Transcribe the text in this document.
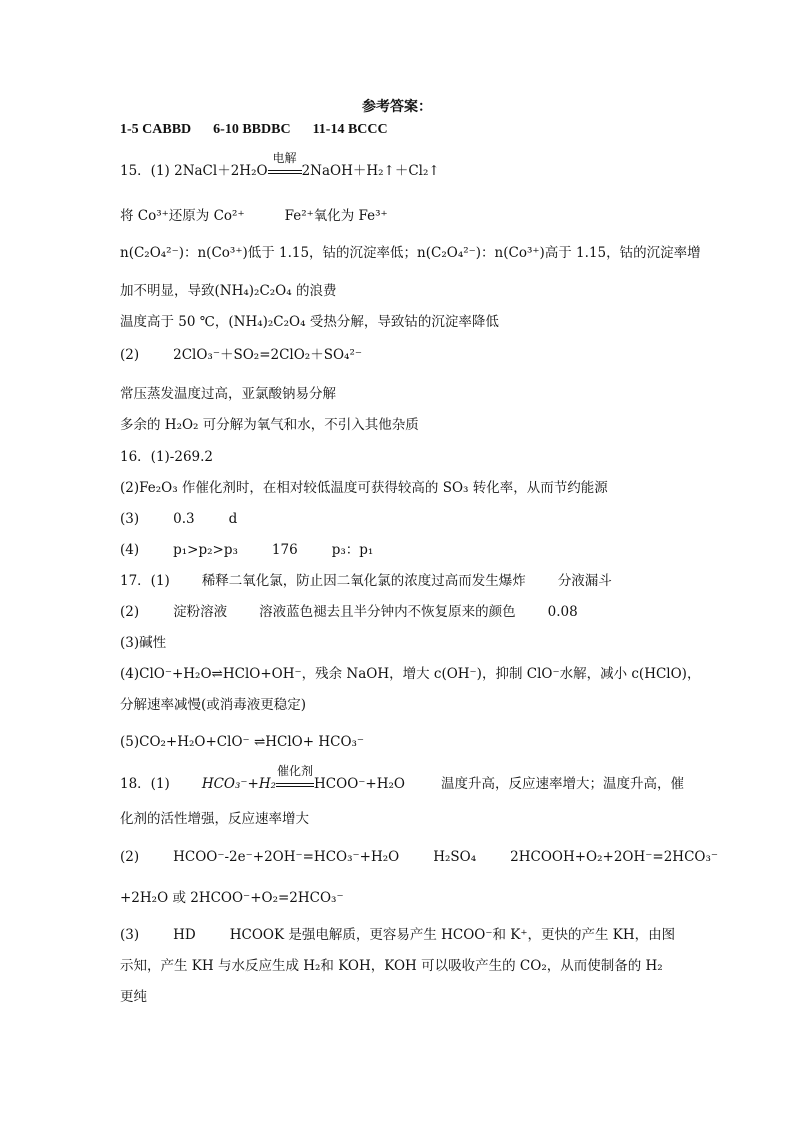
参考答案：
1-5 CABBD 6-10 BBDBC 11-14 BCCC
15．(1) 2NaCl＋2H₂O
电解
2NaOH＋H₂↑＋Cl₂↑
将 Co³⁺还原为 Co²⁺	Fe²⁺氧化为 Fe³⁺
n(C₂O₄²⁻)：n(Co³⁺)低于 1.15，钴的沉淀率低；n(C₂O₄²⁻)：n(Co³⁺)高于 1.15，钴的沉淀率增
加不明显，导致(NH₄)₂C₂O₄ 的浪费
温度高于 50 ℃，(NH₄)₂C₂O₄ 受热分解，导致钴的沉淀率降低
(2)	2ClO₃⁻＋SO₂=2ClO₂＋SO₄²⁻
常压蒸发温度过高，亚氯酸钠易分解
多余的 H₂O₂ 可分解为氧气和水，不引入其他杂质
16．(1)-269.2
(2)Fe₂O₃ 作催化剂时，在相对较低温度可获得较高的 SO₃ 转化率，从而节约能源
(3)	0.3	d
(4)	p₁>p₂>p₃	176	p₃：p₁
17．(1) 稀释二氧化氯，防止因二氧化氯的浓度过高而发生爆炸 分液漏斗
(2)	淀粉溶液 溶液蓝色褪去且半分钟内不恢复原来的颜色 0.08
(3)碱性
(4)ClO⁻+H₂O⇌HClO+OH⁻，残余 NaOH，增大 c(OH⁻)，抑制 ClO⁻水解，减小 c(HClO)，
分解速率减慢(或消毒液更稳定)
(5)CO₂+H₂O+ClO⁻ ⇌HClO+ HCO₃⁻
18．(1) HCO₃⁻+H₂
催化剂
HCOO⁻+H₂O	温度升高，反应速率增大；温度升高，催
化剂的活性增强，反应速率增大
(2)	HCOO⁻-2e⁻+2OH⁻=HCO₃⁻+H₂O	H₂SO₄	2HCOOH+O₂+2OH⁻=2HCO₃⁻
+2H₂O 或 2HCOO⁻+O₂=2HCO₃⁻
(3)	HD	HCOOK 是强电解质，更容易产生 HCOO⁻和 K⁺，更快的产生 KH，由图
示知，产生 KH 与水反应生成 H₂和 KOH，KOH 可以吸收产生的 CO₂，从而使制备的 H₂
更纯
